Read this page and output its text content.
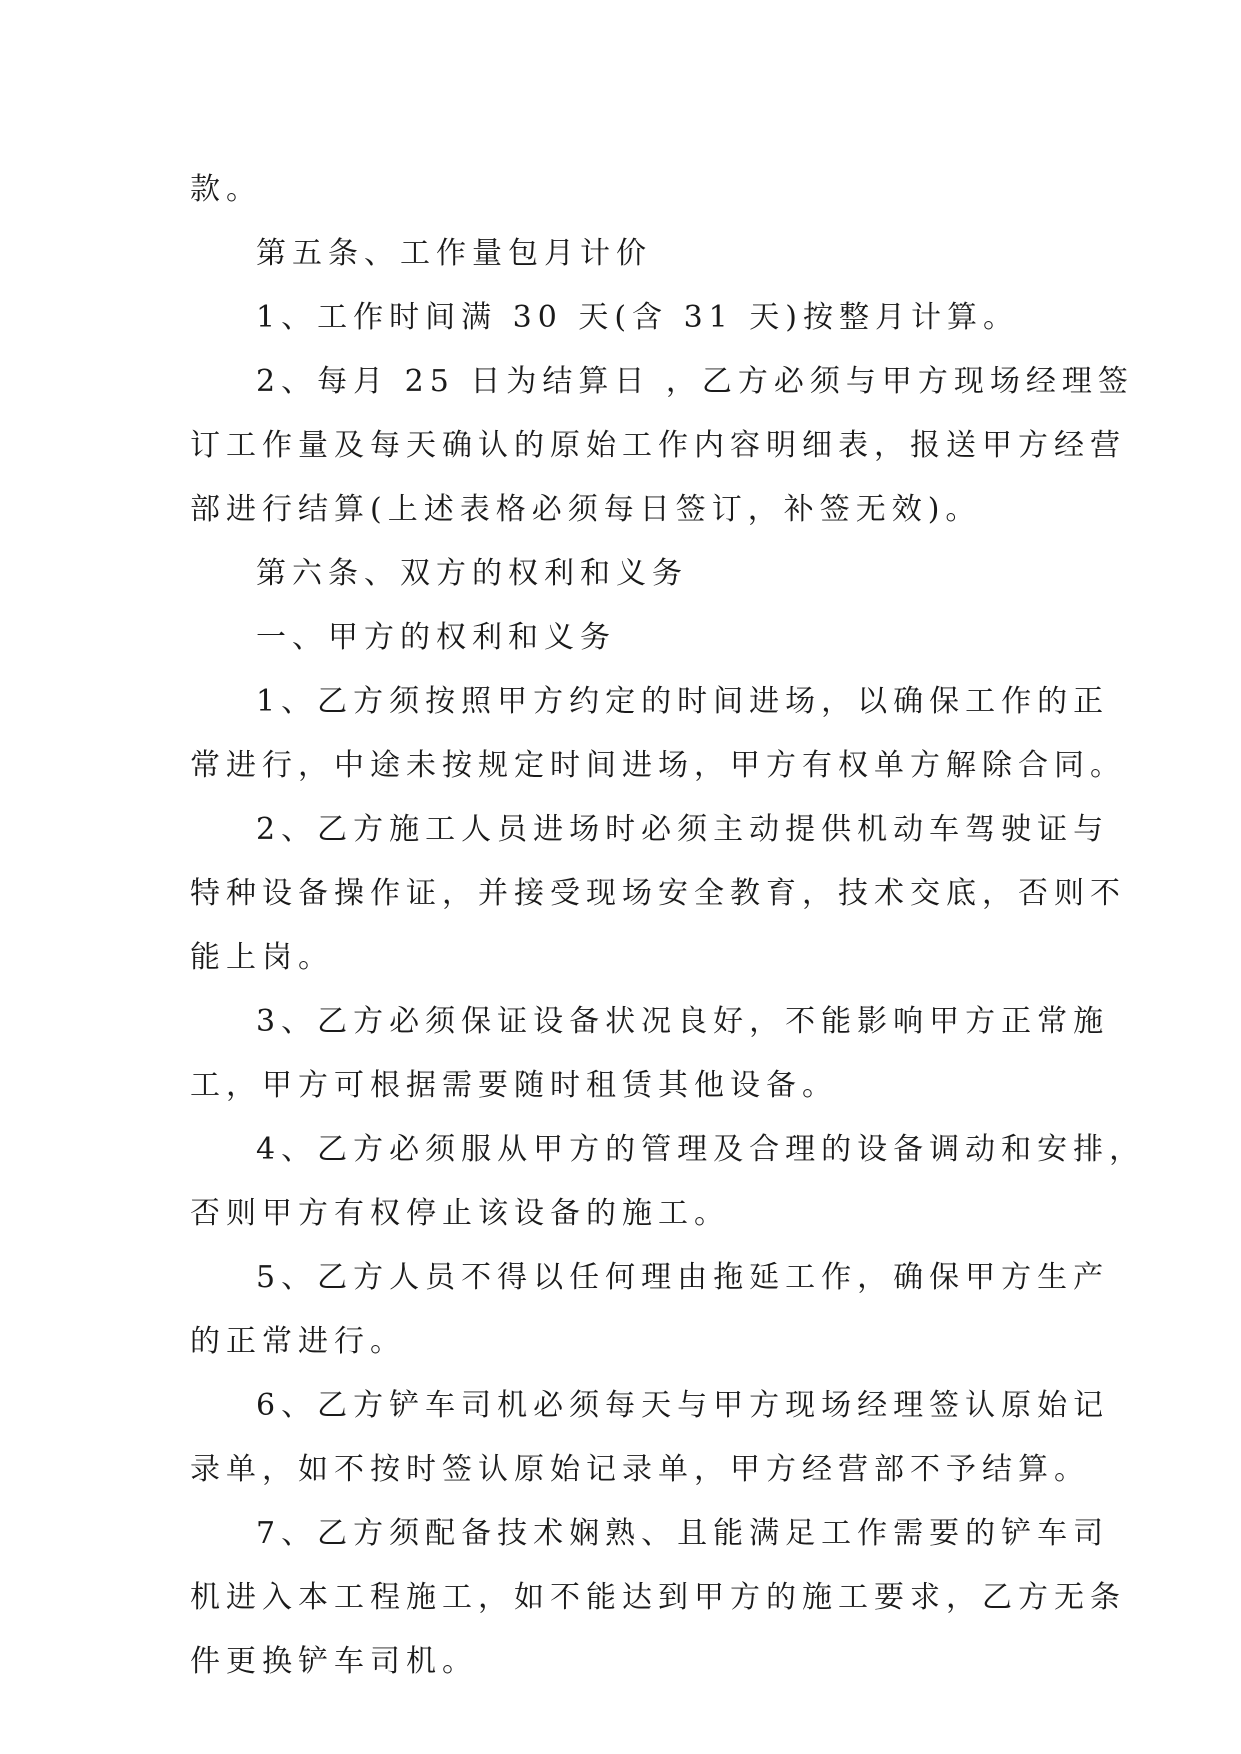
款。
第五条、工作量包月计价
1、工作时间满 30 天(含 31 天)按整月计算。
2、每月 25 日为结算日 ，乙方必须与甲方现场经理签
订工作量及每天确认的原始工作内容明细表，报送甲方经营
部进行结算(上述表格必须每日签订，补签无效)。
第六条、双方的权利和义务
一、甲方的权利和义务
1、乙方须按照甲方约定的时间进场，以确保工作的正
常进行，中途未按规定时间进场，甲方有权单方解除合同。
2、乙方施工人员进场时必须主动提供机动车驾驶证与
特种设备操作证，并接受现场安全教育，技术交底，否则不
能上岗。
3、乙方必须保证设备状况良好，不能影响甲方正常施
工，甲方可根据需要随时租赁其他设备。
4、乙方必须服从甲方的管理及合理的设备调动和安排，
否则甲方有权停止该设备的施工。
5、乙方人员不得以任何理由拖延工作，确保甲方生产
的正常进行。
6、乙方铲车司机必须每天与甲方现场经理签认原始记
录单，如不按时签认原始记录单，甲方经营部不予结算。
7、乙方须配备技术娴熟、且能满足工作需要的铲车司
机进入本工程施工，如不能达到甲方的施工要求，乙方无条
件更换铲车司机。
